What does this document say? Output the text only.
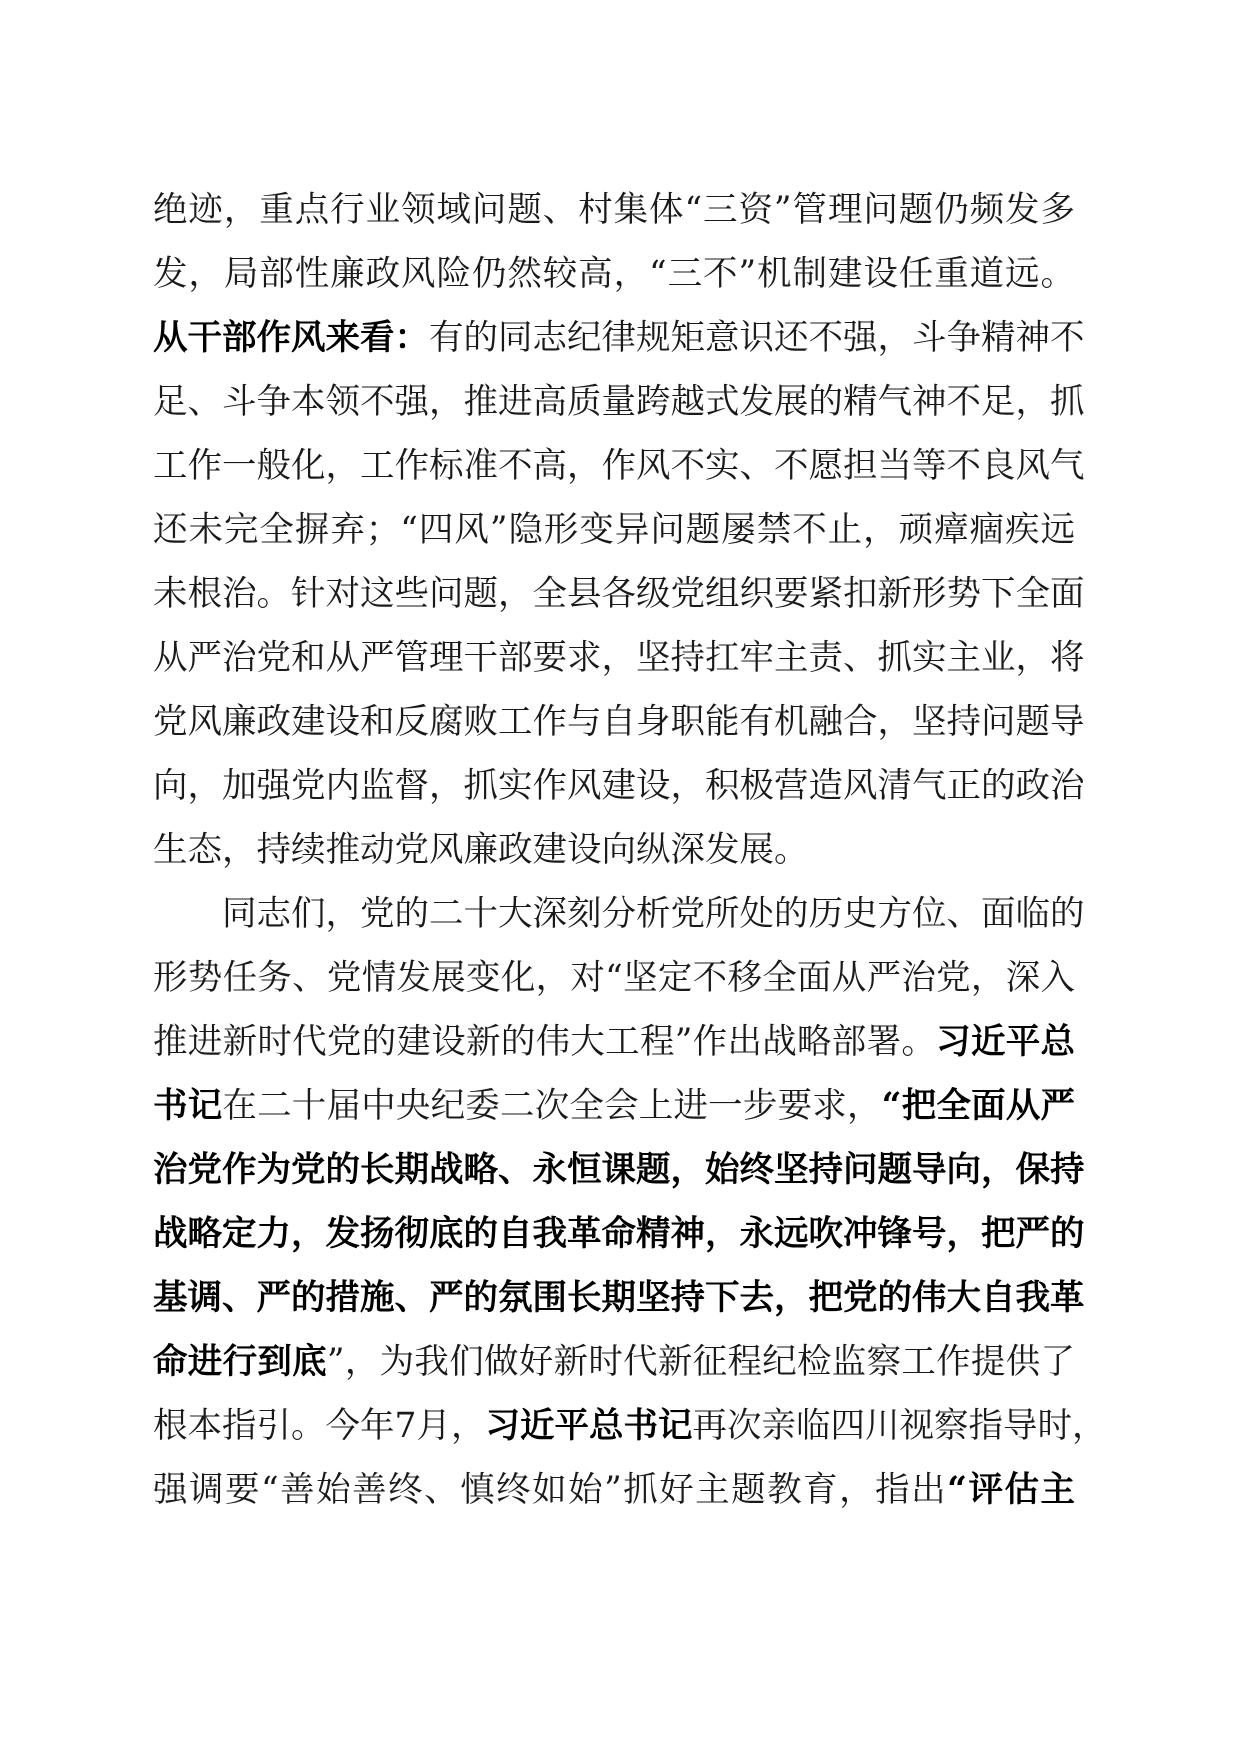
绝迹，重点行业领域问题、村集体“三资”管理问题仍频发多
发，局部性廉政风险仍然较高，“三不”机制建设任重道远。
从干部作风来看：有的同志纪律规矩意识还不强，斗争精神不
足、斗争本领不强，推进高质量跨越式发展的精气神不足，抓
工作一般化，工作标准不高，作风不实、不愿担当等不良风气
还未完全摒弃；“四风”隐形变异问题屡禁不止，顽瘴痼疾远
未根治。针对这些问题，全县各级党组织要紧扣新形势下全面
从严治党和从严管理干部要求，坚持扛牢主责、抓实主业，将
党风廉政建设和反腐败工作与自身职能有机融合，坚持问题导
向，加强党内监督，抓实作风建设，积极营造风清气正的政治
生态，持续推动党风廉政建设向纵深发展。
同志们，党的二十大深刻分析党所处的历史方位、面临的
形势任务、党情发展变化，对“坚定不移全面从严治党，深入
推进新时代党的建设新的伟大工程”作出战略部署。习近平总
书记在二十届中央纪委二次全会上进一步要求，“把全面从严
治党作为党的长期战略、永恒课题，始终坚持问题导向，保持
战略定力，发扬彻底的自我革命精神，永远吹冲锋号，把严的
基调、严的措施、严的氛围长期坚持下去，把党的伟大自我革
命进行到底”，为我们做好新时代新征程纪检监察工作提供了
根本指引。今年7月，习近平总书记再次亲临四川视察指导时，
强调要“善始善终、慎终如始”抓好主题教育，指出“评估主
